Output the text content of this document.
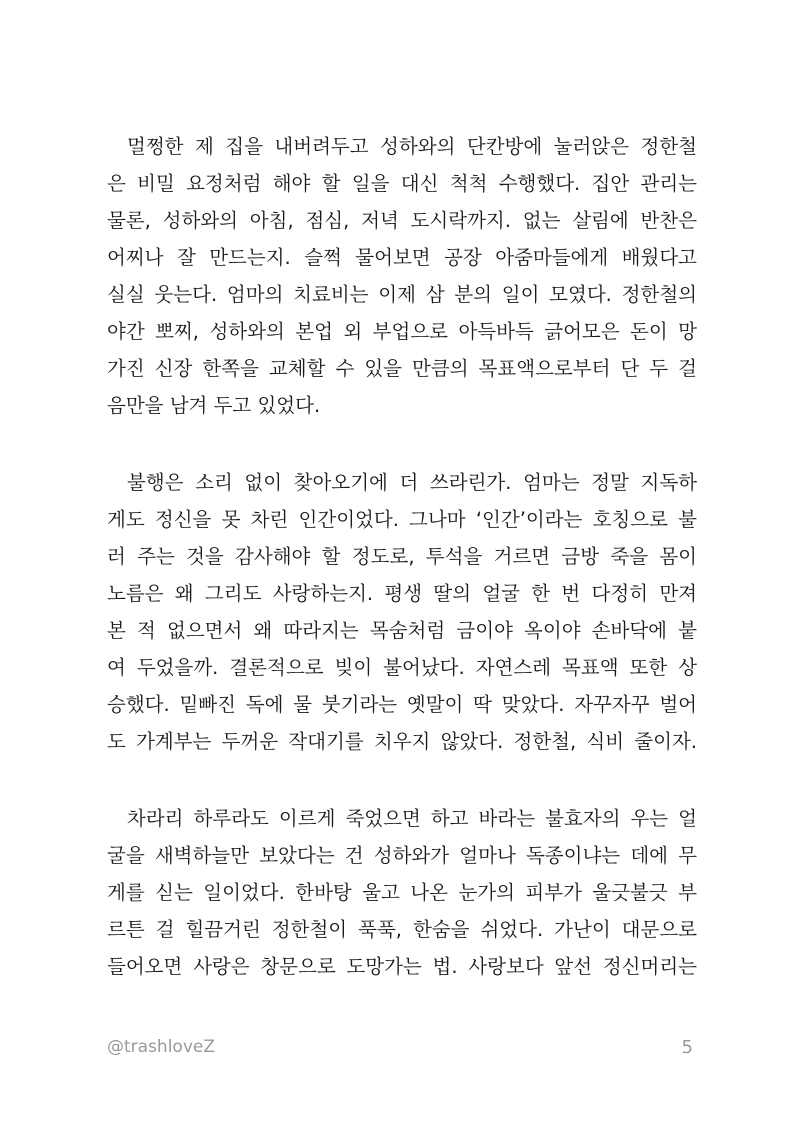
멀쩡한 제 집을 내버려두고 성하와의 단칸방에 눌러앉은 정한철
은 비밀 요정처럼 해야 할 일을 대신 척척 수행했다. 집안 관리는
물론, 성하와의 아침, 점심, 저녁 도시락까지. 없는 살림에 반찬은
어찌나 잘 만드는지. 슬쩍 물어보면 공장 아줌마들에게 배웠다고
실실 웃는다. 엄마의 치료비는 이제 삼 분의 일이 모였다. 정한철의
야간 뽀찌, 성하와의 본업 외 부업으로 아득바득 긁어모은 돈이 망
가진 신장 한쪽을 교체할 수 있을 만큼의 목표액으로부터 단 두 걸
음만을 남겨 두고 있었다.
불행은 소리 없이 찾아오기에 더 쓰라린가. 엄마는 정말 지독하
게도 정신을 못 차린 인간이었다. 그나마 ‘인간’이라는 호칭으로 불
러 주는 것을 감사해야 할 정도로, 투석을 거르면 금방 죽을 몸이
노름은 왜 그리도 사랑하는지. 평생 딸의 얼굴 한 번 다정히 만져
본 적 없으면서 왜 따라지는 목숨처럼 금이야 옥이야 손바닥에 붙
여 두었을까. 결론적으로 빚이 불어났다. 자연스레 목표액 또한 상
승했다. 밑빠진 독에 물 붓기라는 옛말이 딱 맞았다. 자꾸자꾸 벌어
도 가계부는 두꺼운 작대기를 치우지 않았다. 정한철, 식비 줄이자.
차라리 하루라도 이르게 죽었으면 하고 바라는 불효자의 우는 얼
굴을 새벽하늘만 보았다는 건 성하와가 얼마나 독종이냐는 데에 무
게를 싣는 일이었다. 한바탕 울고 나온 눈가의 피부가 울긋불긋 부
르튼 걸 힐끔거린 정한철이 푹푹, 한숨을 쉬었다. 가난이 대문으로
들어오면 사랑은 창문으로 도망가는 법. 사랑보다 앞선 정신머리는
@trashloveZ	5
